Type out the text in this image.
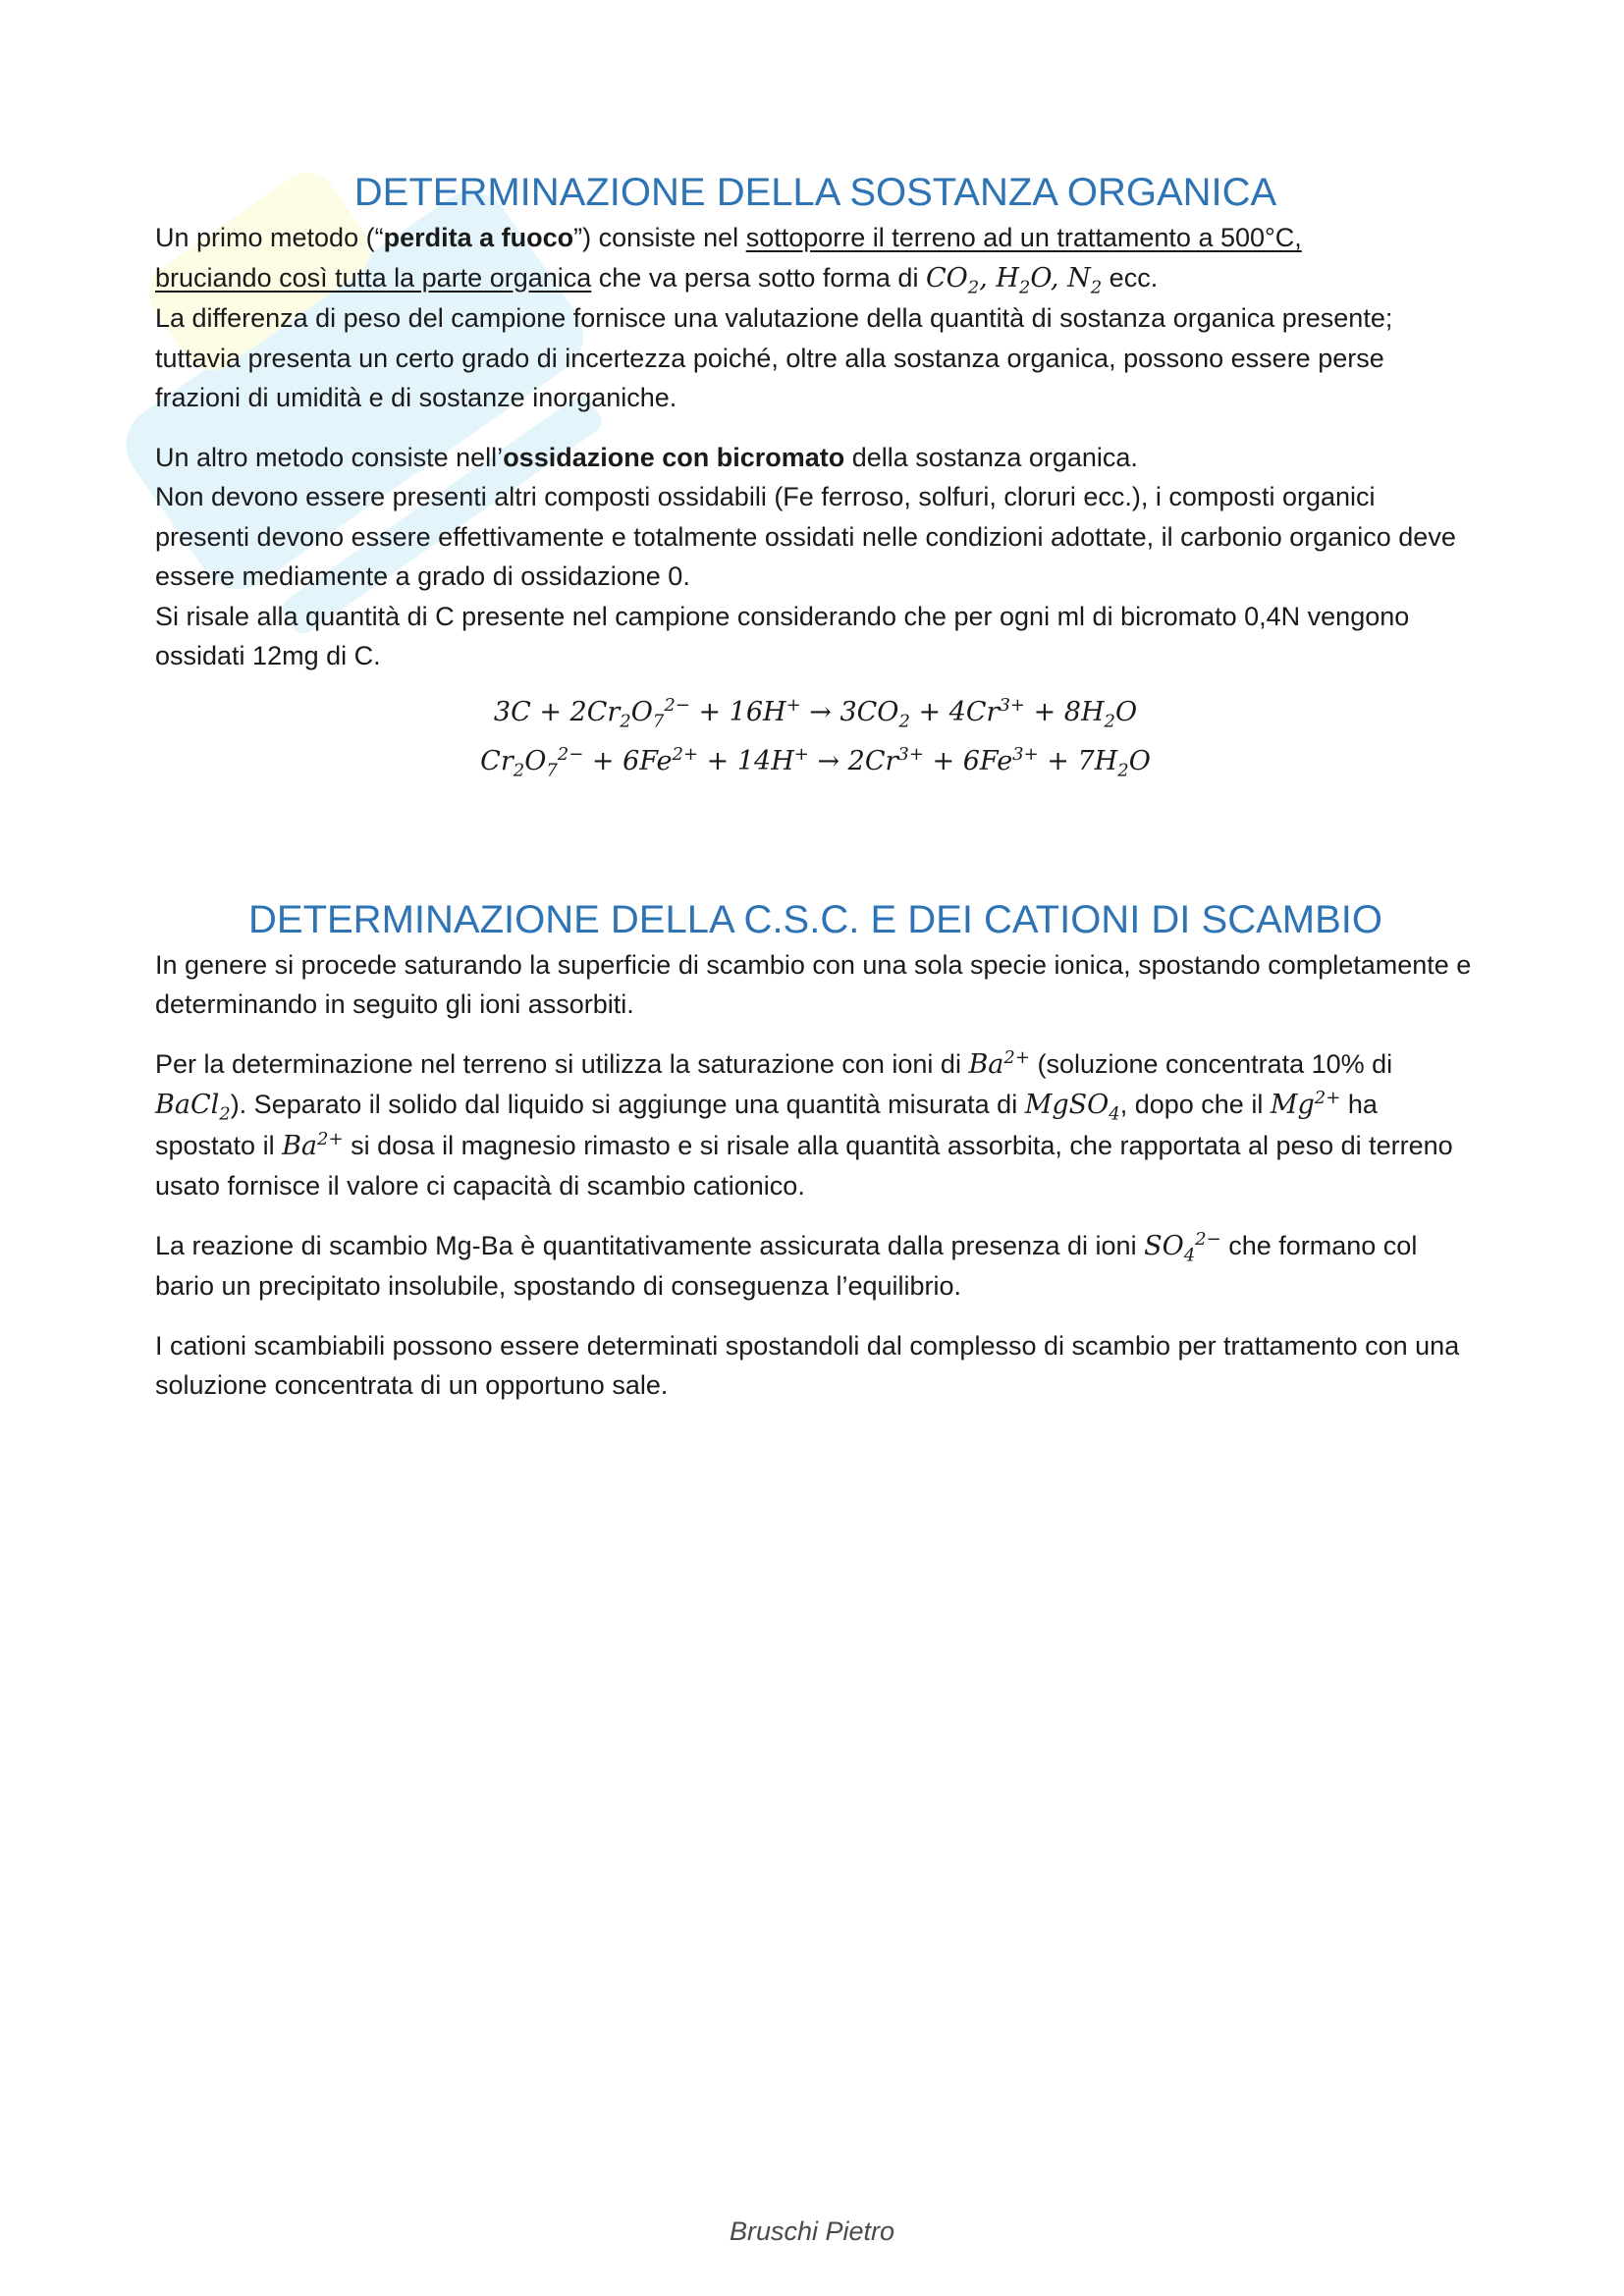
DETERMINAZIONE DELLA SOSTANZA ORGANICA

Un primo metodo (“perdita a fuoco”) consiste nel sottoporre il terreno ad un trattamento a 500°C,
bruciando così tutta la parte organica che va persa sotto forma di $CO_2$, $H_2O$, $N_2$ ecc.

La differenza di peso del campione fornisce una valutazione della quantità di sostanza organica presente; tuttavia presenta un certo grado di incertezza poiché, oltre alla sostanza organica, possono essere perse frazioni di umidità e di sostanze inorganiche.

Un altro metodo consiste nell’ossidazione con bicromato della sostanza organica.

Non devono essere presenti altri composti ossidabili (Fe ferroso, solfuri, cloruri ecc.), i composti organici presenti devono essere effettivamente e totalmente ossidati nelle condizioni adottate, il carbonio organico deve essere mediamente a grado di ossidazione 0.

Si risale alla quantità di C presente nel campione considerando che per ogni ml di bicromato 0,4N vengono ossidati 12mg di C.

$3C + 2Cr_2O_7^{2-} + 16H^+ \to 3CO_2 + 4Cr^{3+} + 8H_2O$
$Cr_2O_7^{2-} + 6Fe^{2+} + 14H^+ \to 2Cr^{3+} + 6Fe^{3+} + 7H_2O$
DETERMINAZIONE DELLA C.S.C. E DEI CATIONI DI SCAMBIO

In genere si procede saturando la superficie di scambio con una sola specie ionica, spostando completamente e determinando in seguito gli ioni assorbiti.

Per la determinazione nel terreno si utilizza la saturazione con ioni di $Ba^{2+}$ (soluzione concentrata 10% di BaCl$_2$). Separato il solido dal liquido si aggiunge una quantità misurata di MgSO$_4$, dopo che il $Mg^{2+}$ ha spostato il $Ba^{2+}$ si dosa il magnesio rimasto e si risale alla quantità assorbita, che rapportata al peso di terreno usato fornisce il valore ci capacità di scambio cationico.

La reazione di scambio Mg-Ba è quantitativamente assicurata dalla presenza di ioni $SO_4^{2-}$ che formano col bario un precipitato insolubile, spostando di conseguenza l’equilibrio.

I cationi scambiabili possono essere determinati spostandoli dal complesso di scambio per trattamento con una soluzione concentrata di un opportuno sale.

Bruschi Pietro
